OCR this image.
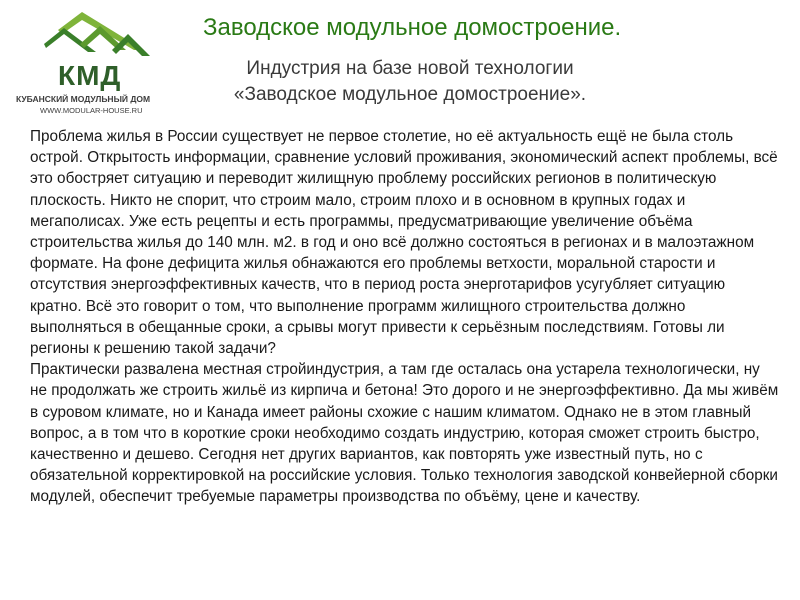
КМД
КУБАНСКИЙ МОДУЛЬНЫЙ ДОМ
WWW.MODULAR-HOUSE.RU
Заводское модульное домостроение.
Индустрия на базе новой технологии
«Заводское модульное домостроение».

Проблема жилья в России существует не первое столетие, но её актуальность ещё не была столь острой. Открытость информации, сравнение условий проживания, экономический аспект проблемы, всё это обостряет ситуацию и переводит жилищную проблему российских регионов в политическую плоскость. Никто не спорит, что строим мало, строим плохо и в основном в крупных годах и мегаполисах. Уже есть рецепты и есть программы, предусматривающие увеличение объёма строительства жилья до 140 млн. м2. в год и оно всё должно состояться в регионах и в малоэтажном формате. На фоне дефицита жилья обнажаются его проблемы ветхости, моральной старости и отсутствия энергоэффективных качеств, что в период роста энерготарифов усугубляет ситуацию кратно. Всё это говорит о том, что выполнение программ жилищного строительства должно выполняться в обещанные сроки, а срывы могут привести к серьёзным последствиям. Готовы ли регионы к решению такой задачи?

Практически развалена местная стройиндустрия, а там где осталась она устарела технологически, ну не продолжать же строить жильё из кирпича и бетона! Это дорого и не энергоэффективно. Да мы живём в суровом климате, но и Канада имеет районы схожие с нашим климатом. Однако не в этом главный вопрос, а в том что в короткие сроки необходимо создать индустрию, которая сможет строить быстро, качественно и дешево. Сегодня нет других вариантов, как повторять уже известный путь, но с обязательной корректировкой на российские условия. Только технология заводской конвейерной сборки модулей, обеспечит требуемые параметры производства по объёму, цене и качеству.
